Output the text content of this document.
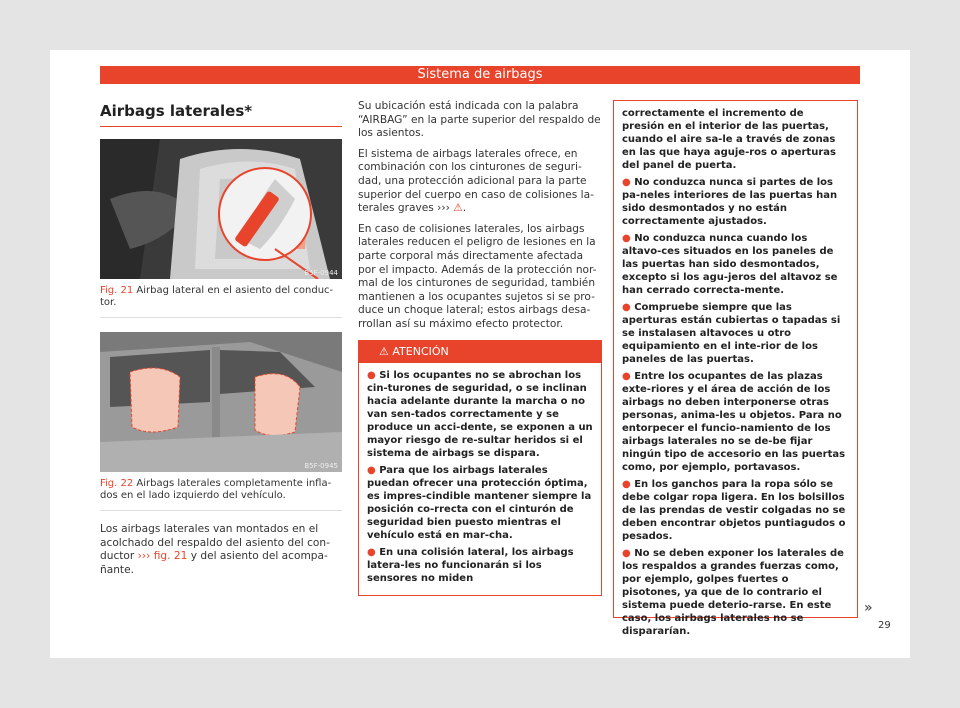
Sistema de airbags
Airbags laterales*
B5F-0944
Fig. 21 Airbag lateral en el asiento del conduc-tor.
B5F-0945
Fig. 22 Airbags laterales completamente infla-dos en el lado izquierdo del vehículo.

Los airbags laterales van montados en el acolchado del respaldo del asiento del con-ductor ››› fig. 21 y del asiento del acompa-ñante.

Su ubicación está indicada con la palabra “AIRBAG” en la parte superior del respaldo de los asientos.

El sistema de airbags laterales ofrece, en combinación con los cinturones de seguri-dad, una protección adicional para la parte superior del cuerpo en caso de colisiones la-terales graves ››› ⚠.

En caso de colisiones laterales, los airbags laterales reducen el peligro de lesiones en la parte corporal más directamente afectada por el impacto. Además de la protección nor-mal de los cinturones de seguridad, también mantienen a los ocupantes sujetos si se pro-duce un choque lateral; estos airbags desa-rrollan así su máximo efecto protector.

⚠ ATENCIÓN
● Si los ocupantes no se abrochan los cin-turones de seguridad, o se inclinan hacia adelante durante la marcha o no van sen-tados correctamente y se produce un acci-dente, se exponen a un mayor riesgo de re-sultar heridos si el sistema de airbags se dispara.
● Para que los airbags laterales puedan ofrecer una protección óptima, es impres-cindible mantener siempre la posición co-rrecta con el cinturón de seguridad bien puesto mientras el vehículo está en mar-cha.
● En una colisión lateral, los airbags latera-les no funcionarán si los sensores no miden
correctamente el incremento de presión en el interior de las puertas, cuando el aire sa-le a través de zonas en las que haya aguje-ros o aperturas del panel de puerta.
● No conduzca nunca si partes de los pa-neles interiores de las puertas han sido desmontados y no están correctamente ajustados.
● No conduzca nunca cuando los altavo-ces situados en los paneles de las puertas han sido desmontados, excepto si los agu-jeros del altavoz se han cerrado correcta-mente.
● Compruebe siempre que las aperturas están cubiertas o tapadas si se instalasen altavoces u otro equipamiento en el inte-rior de los paneles de las puertas.
● Entre los ocupantes de las plazas exte-riores y el área de acción de los airbags no deben interponerse otras personas, anima-les u objetos. Para no entorpecer el funcio-namiento de los airbags laterales no se de-be fijar ningún tipo de accesorio en las puertas como, por ejemplo, portavasos.
● En los ganchos para la ropa sólo se debe colgar ropa ligera. En los bolsillos de las prendas de vestir colgadas no se deben encontrar objetos puntiagudos o pesados.
● No se deben exponer los laterales de los respaldos a grandes fuerzas como, por ejemplo, golpes fuertes o pisotones, ya que de lo contrario el sistema puede deterio-rarse. En este caso, los airbags laterales no se dispararían.
»
29
